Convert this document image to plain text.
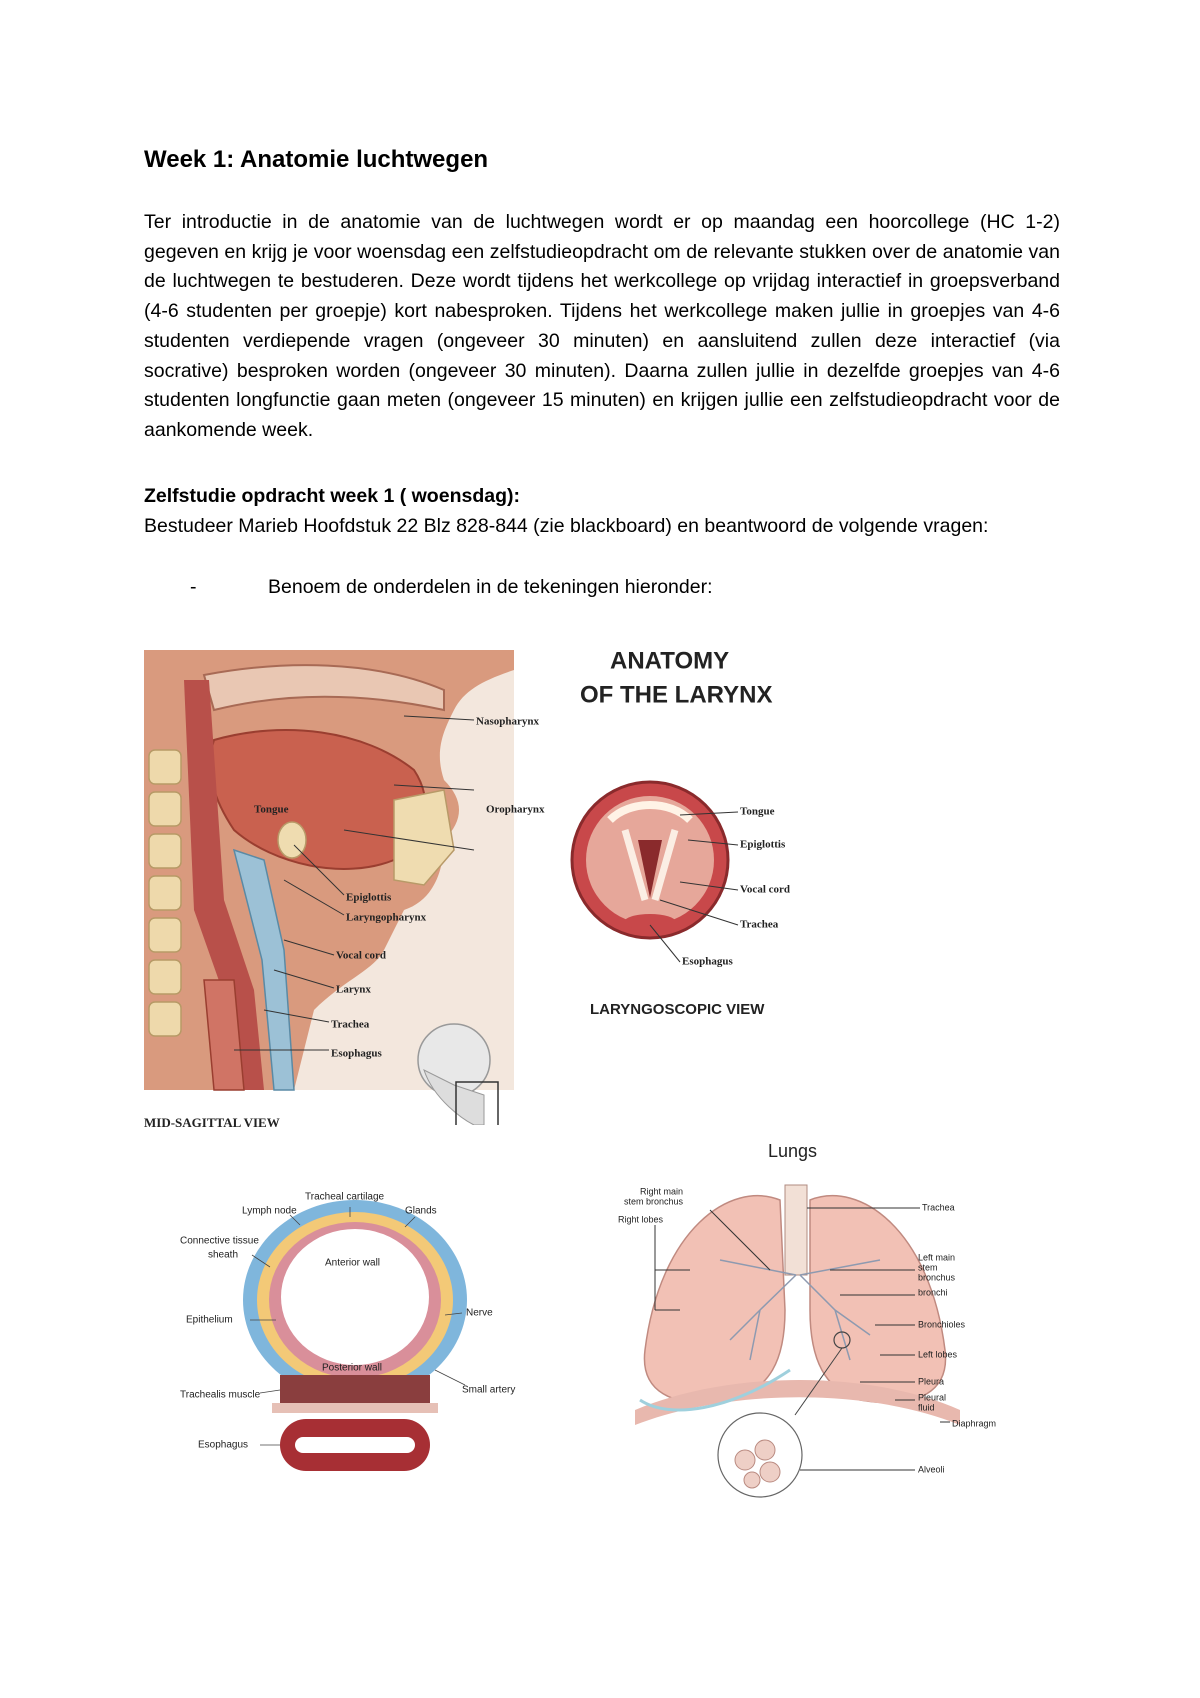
Week 1: Anatomie luchtwegen

Ter introductie in de anatomie van de luchtwegen wordt er op maandag een hoorcollege (HC 1-2) gegeven en krijg je voor woensdag een zelfstudieopdracht om de relevante stukken over de anatomie van de luchtwegen te bestuderen. Deze wordt tijdens het werkcollege op vrijdag interactief in groepsverband (4-6 studenten per groepje) kort nabesproken. Tijdens het werkcollege maken jullie in groepjes van 4-6 studenten verdiepende vragen (ongeveer 30 minuten) en aansluitend zullen deze interactief (via socrative) besproken worden (ongeveer 30 minuten). Daarna zullen jullie in dezelfde groepjes van 4-6 studenten longfunctie gaan meten (ongeveer 15 minuten) en krijgen jullie een zelfstudieopdracht voor de aankomende week.

Zelfstudie opdracht week 1 ( woensdag):

Bestudeer Marieb Hoofdstuk 22 Blz 828-844 (zie blackboard) en beantwoord de volgende vragen:

-	Benoem de onderdelen in de tekeningen hieronder:
Nasopharynx
Tongue
Epiglottis
Laryngopharynx
Vocal cord
Larynx
Trachea
Esophagus
MID-SAGITTAL VIEW
Oropharynx
ANATOMY
OF THE LARYNX
Tongue
Epiglottis
Vocal cord
Trachea
Esophagus
LARYNGOSCOPIC VIEW
Tracheal cartilage
Lymph node	Glands
Connective tissue
sheath
Anterior wall
Epithelium
Nerve
Posterior wall
Small artery
Trachealis muscle
Esophagus
Lungs
Right main
stem bronchus
Right lobes
Trachea
Left main
stem
bronchus
bronchi
Bronchioles
Left lobes
Pleura
Pleural
fluid
Diaphragm
Alveoli
